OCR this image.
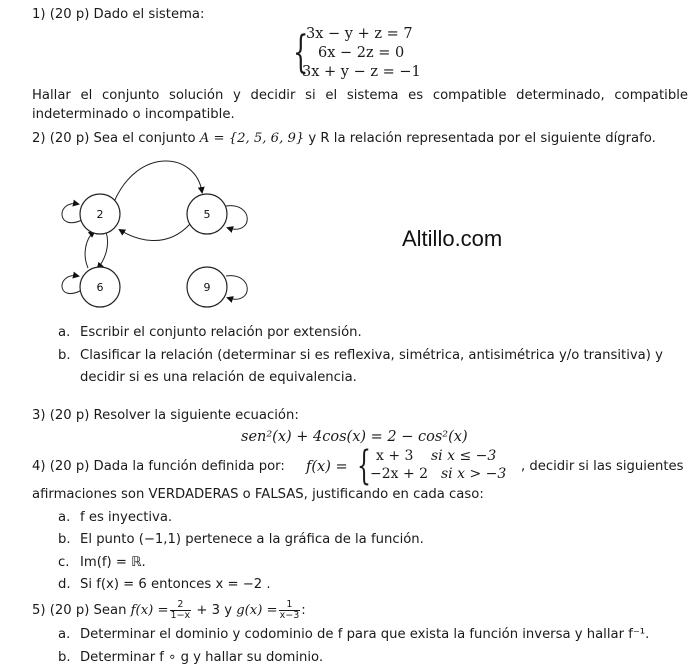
1) (20 p) Dado el sistema:
{
3x − y + z = 7
6x − 2z = 0
3x + y − z = −1
Hallar el conjunto solución y decidir si el sistema es compatible determinado, compatible indeterminado o incompatible.
2) (20 p) Sea el conjunto A = {2, 5, 6, 9} y R la relación representada por el siguiente dígrafo.
2	5
6	9
Altillo.com
a. Escribir el conjunto relación por extensión.
b. Clasificar la relación (determinar si es reflexiva, simétrica, antisimétrica y/o transitiva) y
decidir si es una relación de equivalencia.
3) (20 p) Resolver la siguiente ecuación:
sen²(x) + 4cos(x) = 2 − cos²(x)
4) (20 p) Dada la función definida por: f(x) = { x + 3 si x ≤ −3
−2x + 2 si x > −3 , decidir si las siguientes
afirmaciones son VERDADERAS o FALSAS, justificando en cada caso:
a. f es inyectiva.
b. El punto (−1,1) pertenece a la gráfica de la función.
c. Im(f) = ℝ.
d. Si f(x) = 6 entonces x = −2 .
5) (20 p) Sean $f(x) = \frac{2}{1-x} + 3$ y $g(x) = \frac{1}{x-3}$ :
a. Determinar el dominio y codominio de f para que exista la función inversa y hallar f⁻¹.
b. Determinar f ∘ g y hallar su dominio.
